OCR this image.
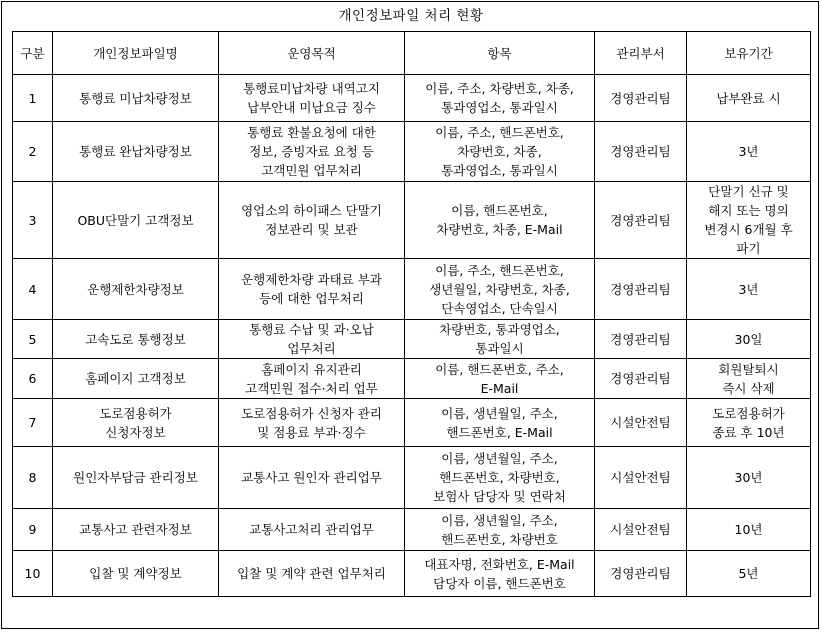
개인정보파일 처리 현황
구분	개인정보파일명	운영목적	항목	관리부서	보유기간
1	통행료 미납차량정보	통행료미납차량 내역고지
납부안내 미납요금 징수	이름, 주소, 차량번호, 차종,
통과영업소, 통과일시	경영관리팀	납부완료 시

2	통행료 완납차량정보	통행료 환불요청에 대한
정보, 증빙자료 요청 등
고객민원 업무처리	이름, 주소, 핸드폰번호,
차량번호, 차종,
통과영업소, 통과일시	경영관리팀	3년

3	OBU단말기 고객정보	영업소의 하이패스 단말기
정보관리 및 보관	이름, 핸드폰번호,
차량번호, 차종, E-Mail	경영관리팀	단말기 신규 및
해지 또는 명의
변경시 6개월 후
파기

4	운행제한차량정보	운행제한차량 과태료 부과
등에 대한 업무처리	이름, 주소, 핸드폰번호,
생년월일, 차량번호, 차종,
단속영업소, 단속일시	경영관리팀	3년

5	고속도로 통행정보	통행료 수납 및 과·오납
업무처리	차량번호, 통과영업소,
통과일시	경영관리팀	30일

6	홈페이지 고객정보	홈페이지 유지관리
고객민원 접수·처리 업무	이름, 핸드폰번호, 주소,
E-Mail	경영관리팀	회원탈퇴시
즉시 삭제

7	도로점용허가
신청자정보	도로점용허가 신청자 관리
및 점용료 부과·징수	이름, 생년월일, 주소,
핸드폰번호, E-Mail	시설안전팀	도로점용허가
종료 후 10년

8	원인자부담금 관리정보	교통사고 원인자 관리업무	이름, 생년월일, 주소,
핸드폰번호, 차량번호,
보험사 담당자 및 연락처	시설안전팀	30년

9	교통사고 관련자정보	교통사고처리 관리업무	이름, 생년월일, 주소,
핸드폰번호, 차량번호	시설안전팀	10년

10	입찰 및 계약정보	입찰 및 계약 관련 업무처리	대표자명, 전화번호, E-Mail
담당자 이름, 핸드폰번호	경영관리팀	5년
